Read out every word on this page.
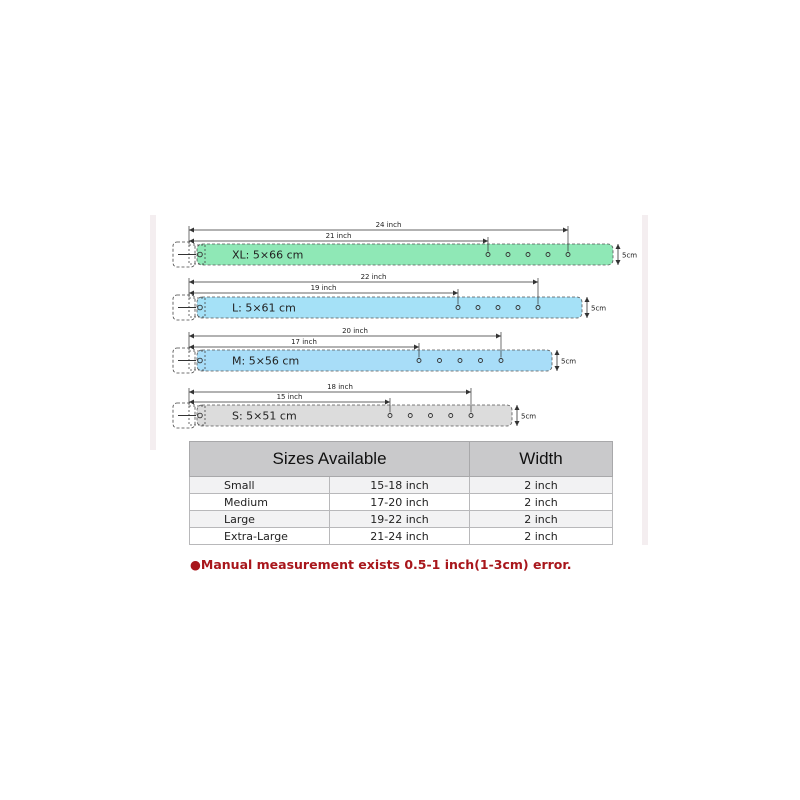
XL: 5×66 cm
24 inch
21 inch
5cm
L: 5×61 cm
22 inch
19 inch
5cm
M: 5×56 cm
20 inch
17 inch
5cm
S: 5×51 cm
18 inch
15 inch
5cm
Sizes Available		Width
Small	15-18 inch	2 inch
Medium	17-20 inch	2 inch
Large	19-22 inch	2 inch
Extra-Large	21-24 inch	2 inch
●Manual measurement exists 0.5-1 inch(1-3cm) error.
